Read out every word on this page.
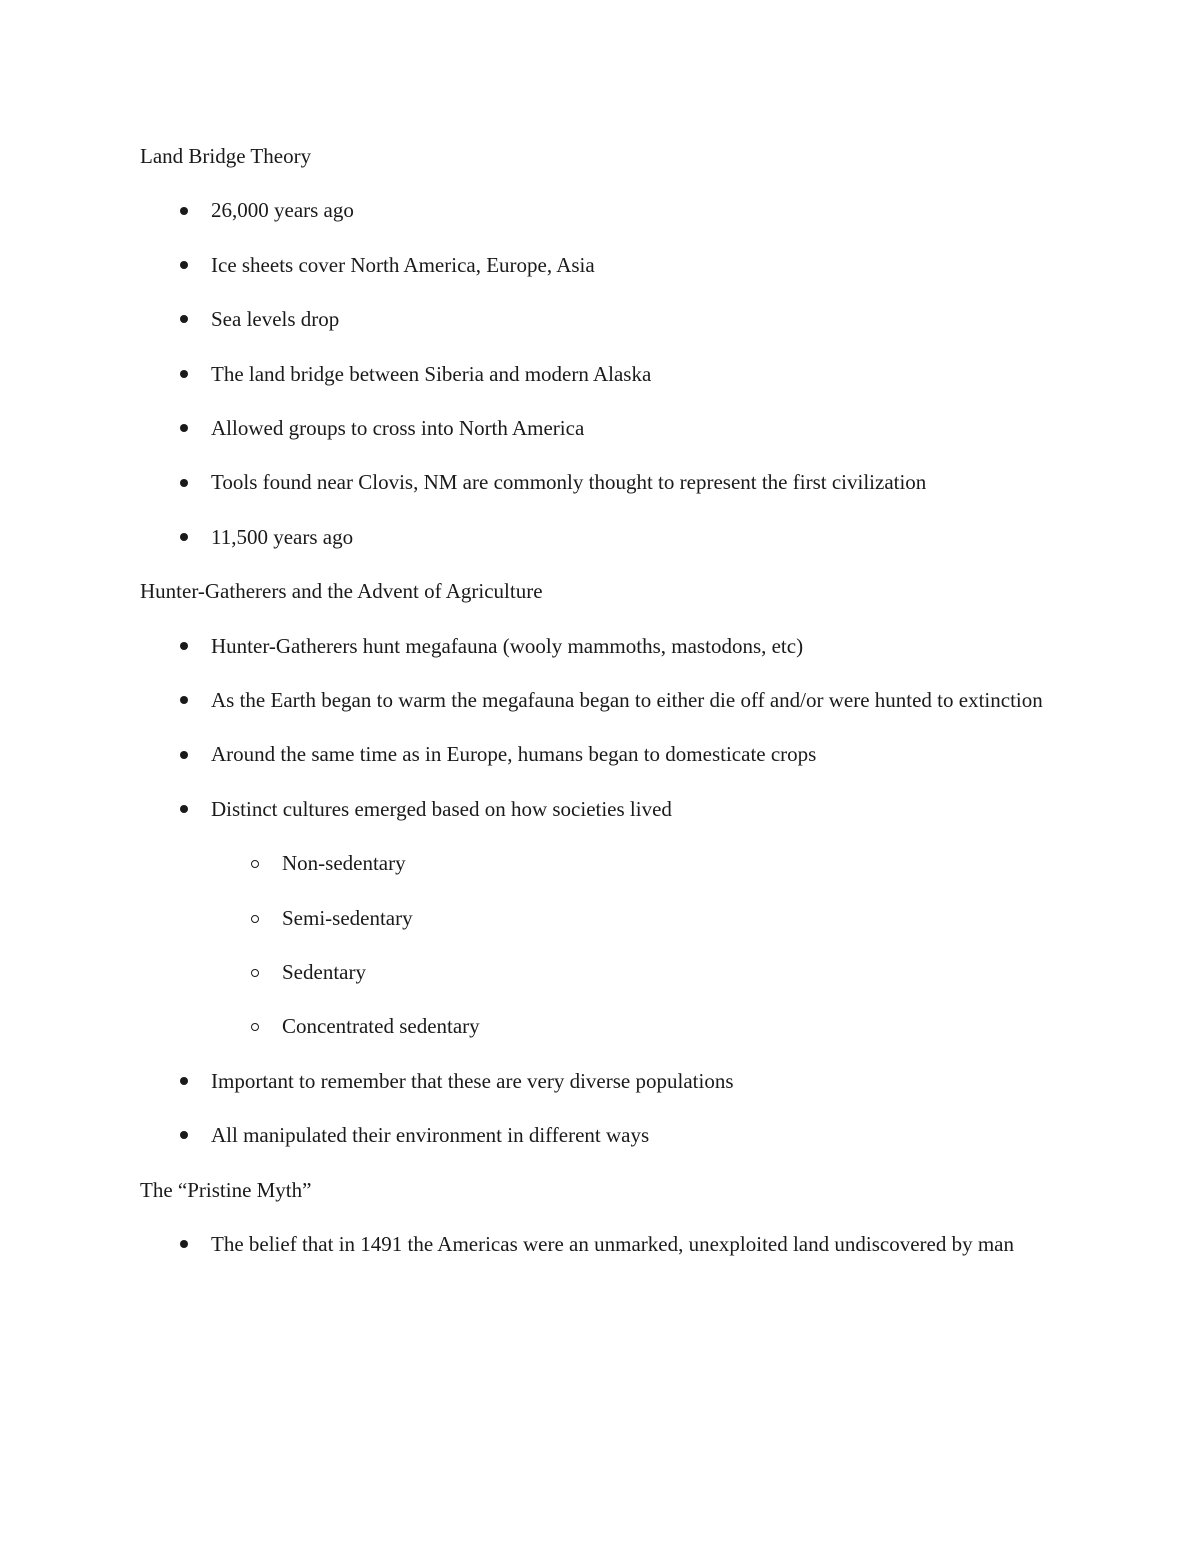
Land Bridge Theory

26,000 years ago
Ice sheets cover North America, Europe, Asia
Sea levels drop
The land bridge between Siberia and modern Alaska
Allowed groups to cross into North America
Tools found near Clovis, NM are commonly thought to represent the first civilization
11,500 years ago

Hunter-Gatherers and the Advent of Agriculture

Hunter-Gatherers hunt megafauna (wooly mammoths, mastodons, etc)
As the Earth began to warm the megafauna began to either die off and/or were hunted to extinction
Around the same time as in Europe, humans began to domesticate crops
Distinct cultures emerged based on how societies lived
Non-sedentary
Semi-sedentary
Sedentary
Concentrated sedentary
Important to remember that these are very diverse populations
All manipulated their environment in different ways

The “Pristine Myth”

The belief that in 1491 the Americas were an unmarked, unexploited land undiscovered by man
